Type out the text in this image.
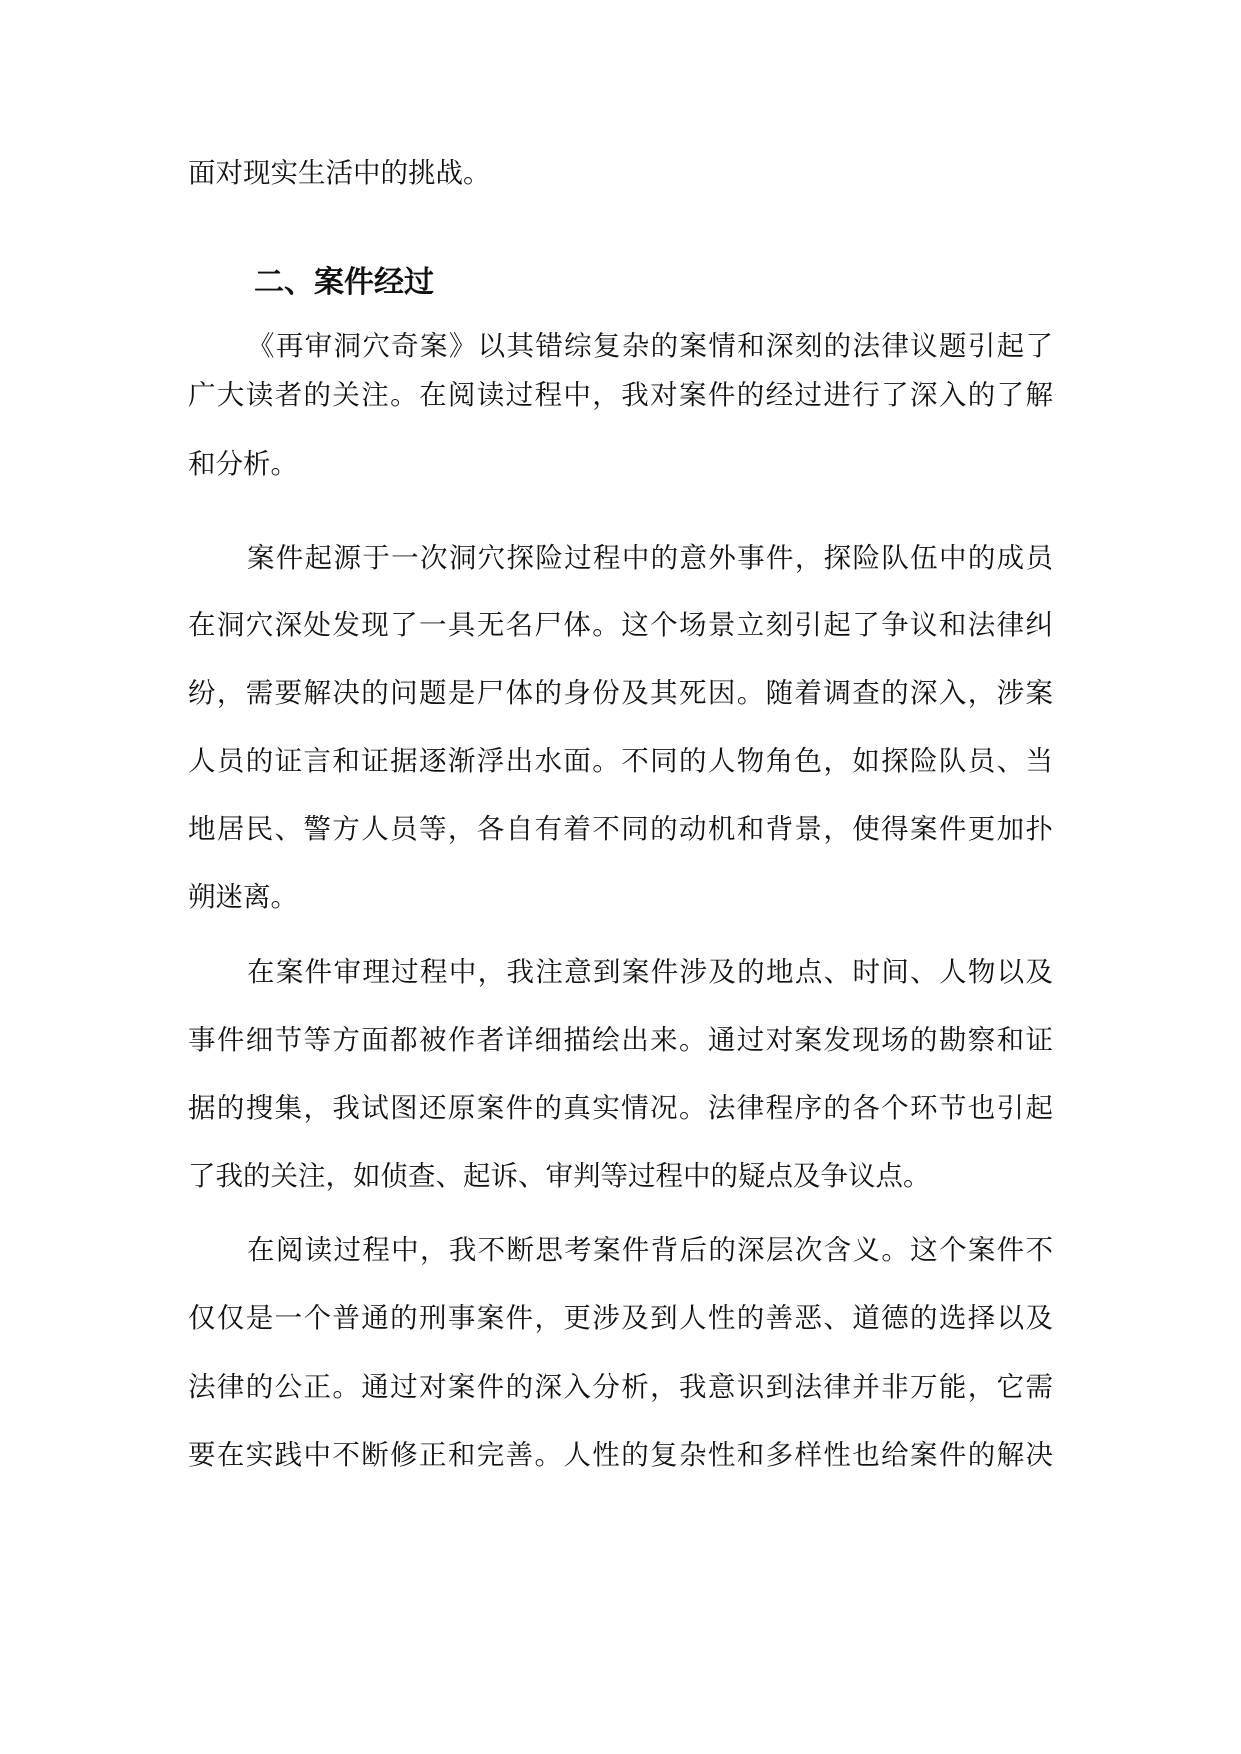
面对现实生活中的挑战。
二、案件经过
《再审洞穴奇案》以其错综复杂的案情和深刻的法律议题引起了
广大读者的关注。在阅读过程中，我对案件的经过进行了深入的了解
和分析。
案件起源于一次洞穴探险过程中的意外事件，探险队伍中的成员
在洞穴深处发现了一具无名尸体。这个场景立刻引起了争议和法律纠
纷，需要解决的问题是尸体的身份及其死因。随着调查的深入，涉案
人员的证言和证据逐渐浮出水面。不同的人物角色，如探险队员、当
地居民、警方人员等，各自有着不同的动机和背景，使得案件更加扑
朔迷离。
在案件审理过程中，我注意到案件涉及的地点、时间、人物以及
事件细节等方面都被作者详细描绘出来。通过对案发现场的勘察和证
据的搜集，我试图还原案件的真实情况。法律程序的各个环节也引起
了我的关注，如侦查、起诉、审判等过程中的疑点及争议点。
在阅读过程中，我不断思考案件背后的深层次含义。这个案件不
仅仅是一个普通的刑事案件，更涉及到人性的善恶、道德的选择以及
法律的公正。通过对案件的深入分析，我意识到法律并非万能，它需
要在实践中不断修正和完善。人性的复杂性和多样性也给案件的解决
